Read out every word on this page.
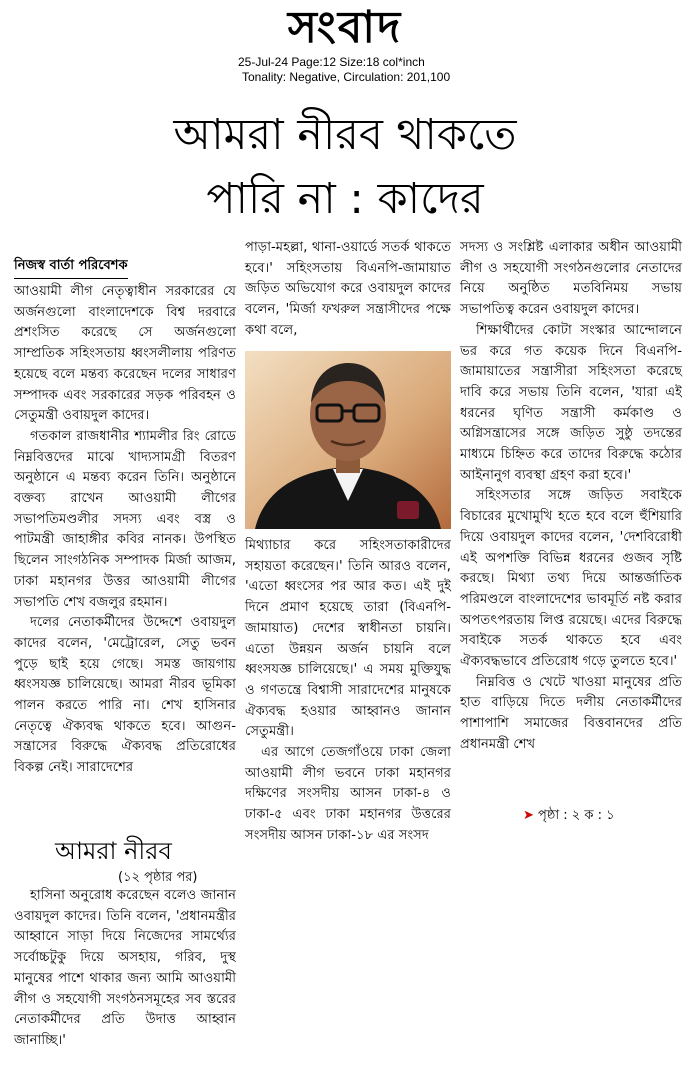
সংবাদ
25-Jul-24 Page:12 Size:18 col*inch
Tonality: Negative, Circulation: 201,100
আমরা নীরব থাকতে
পারি না : কাদের
নিজস্ব বার্তা পরিবেশক

আওয়ামী লীগ নেতৃত্বাধীন সরকারের যে অর্জনগুলো বাংলাদেশকে বিশ্ব দরবারে প্রশংসিত করেছে সে অর্জনগুলো সাম্প্রতিক সহিংসতায় ধ্বংসলীলায় পরিণত হয়েছে বলে মন্তব্য করেছেন দলের সাধারণ সম্পাদক এবং সরকারের সড়ক পরিবহন ও সেতুমন্ত্রী ওবায়দুল কাদের।

গতকাল রাজধানীর শ্যামলীর রিং রোডে নিম্নবিত্তদের মাঝে খাদ্যসামগ্রী বিতরণ অনুষ্ঠানে এ মন্তব্য করেন তিনি। অনুষ্ঠানে বক্তব্য রাখেন আওয়ামী লীগের সভাপতিমণ্ডলীর সদস্য এবং বস্ত্র ও পাটমন্ত্রী জাহাঙ্গীর কবির নানক। উপস্থিত ছিলেন সাংগঠনিক সম্পাদক মির্জা আজম, ঢাকা মহানগর উত্তর আওয়ামী লীগের সভাপতি শেখ বজলুর রহমান।

দলের নেতাকর্মীদের উদ্দেশে ওবায়দুল কাদের বলেন, 'মেট্রোরেল, সেতু ভবন পুড়ে ছাই হয়ে গেছে। সমস্ত জায়গায় ধ্বংসযজ্ঞ চালিয়েছে। আমরা নীরব ভূমিকা পালন করতে পারি না। শেখ হাসিনার নেতৃত্বে ঐক্যবদ্ধ থাকতে হবে। আগুন-সন্ত্রাসের বিরুদ্ধে ঐক্যবদ্ধ প্রতিরোধের বিকল্প নেই। সারাদেশের

পাড়া-মহল্লা, থানা-ওয়ার্ডে সতর্ক থাকতে হবে।' সহিংসতায় বিএনপি-জামায়াত জড়িত অভিযোগ করে ওবায়দুল কাদের বলেন, 'মির্জা ফখরুল সন্ত্রাসীদের পক্ষে কথা বলে,

মিথ্যাচার করে সহিংসতাকারীদের সহায়তা করেছেন।' তিনি আরও বলেন, 'এতো ধ্বংসের পর আর কত। এই দুই দিনে প্রমাণ হয়েছে তারা (বিএনপি-জামায়াত) দেশের স্বাধীনতা চায়নি। এতো উন্নয়ন অর্জন চায়নি বলে ধ্বংসযজ্ঞ চালিয়েছে।' এ সময় মুক্তিযুদ্ধ ও গণতন্ত্রে বিশ্বাসী সারাদেশের মানুষকে ঐক্যবদ্ধ হওয়ার আহ্বানও জানান সেতুমন্ত্রী।

এর আগে তেজগাঁওয়ে ঢাকা জেলা আওয়ামী লীগ ভবনে ঢাকা মহানগর দক্ষিণের সংসদীয় আসন ঢাকা-৪ ও ঢাকা-৫ এবং ঢাকা মহানগর উত্তরের সংসদীয় আসন ঢাকা-১৮ এর সংসদ

সদস্য ও সংশ্লিষ্ট এলাকার অধীন আওয়ামী লীগ ও সহযোগী সংগঠনগুলোর নেতাদের নিয়ে অনুষ্ঠিত মতবিনিময় সভায় সভাপতিত্ব করেন ওবায়দুল কাদের।

শিক্ষার্থীদের কোটা সংস্কার আন্দোলনে ভর করে গত কয়েক দিনে বিএনপি-জামায়াতের সন্ত্রাসীরা সহিংসতা করেছে দাবি করে সভায় তিনি বলেন, 'যারা এই ধরনের ঘৃণিত সন্ত্রাসী কর্মকাণ্ড ও অগ্নিসন্ত্রাসের সঙ্গে জড়িত সুষ্ঠু তদন্তের মাধ্যমে চিহ্নিত করে তাদের বিরুদ্ধে কঠোর আইনানুগ ব্যবস্থা গ্রহণ করা হবে।'

সহিংসতার সঙ্গে জড়িত সবাইকে বিচারের মুখোমুখি হতে হবে বলে হুঁশিয়ারি দিয়ে ওবায়দুল কাদের বলেন, 'দেশবিরোধী এই অপশক্তি বিভিন্ন ধরনের গুজব সৃষ্টি করছে। মিথ্যা তথ্য দিয়ে আন্তর্জাতিক পরিমণ্ডলে বাংলাদেশের ভাবমূর্তি নষ্ট করার অপতৎপরতায় লিপ্ত রয়েছে। এদের বিরুদ্ধে সবাইকে সতর্ক থাকতে হবে এবং ঐক্যবদ্ধভাবে প্রতিরোধ গড়ে তুলতে হবে।'

নিম্নবিত্ত ও খেটে খাওয়া মানুষের প্রতি হাত বাড়িয়ে দিতে দলীয় নেতাকর্মীদের পাশাপাশি সমাজের বিত্তবানদের প্রতি প্রধানমন্ত্রী শেখ

➤ পৃষ্ঠা : ২ ক : ১
আমরা নীরব
(১২ পৃষ্ঠার পর)

হাসিনা অনুরোধ করেছেন বলেও জানান ওবায়দুল কাদের। তিনি বলেন, 'প্রধানমন্ত্রীর আহ্বানে সাড়া দিয়ে নিজেদের সামর্থ্যের সর্বোচ্চটুকু দিয়ে অসহায়, গরিব, দুস্থ মানুষের পাশে থাকার জন্য আমি আওয়ামী লীগ ও সহযোগী সংগঠনসমূহের সব স্তরের নেতাকর্মীদের প্রতি উদাত্ত আহ্বান জানাচ্ছি।'
